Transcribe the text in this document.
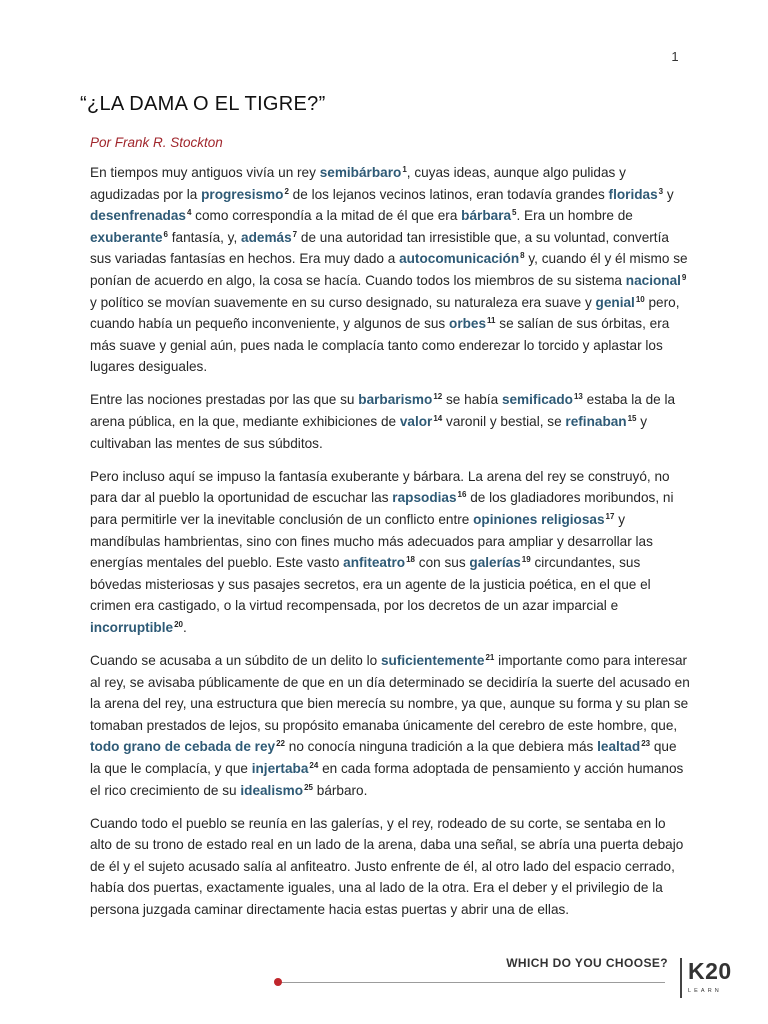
1
“¿LA DAMA O EL TIGRE?”

Por Frank R. Stockton

En tiempos muy antiguos vivía un rey semibárbaro$^1$, cuyas ideas, aunque algo pulidas y agudizadas por la progresismo$^2$ de los lejanos vecinos latinos, eran todavía grandes floridas$^3$ y desenfrenadas$^4$ como correspondía a la mitad de él que era bárbara$^5$. Era un hombre de exuberante$^6$ fantasía, y, además$^7$ de una autoridad tan irresistible que, a su voluntad, convertía sus variadas fantasías en hechos. Era muy dado a autocomunicación$^8$ y, cuando él y él mismo se ponían de acuerdo en algo, la cosa se hacía. Cuando todos los miembros de su sistema nacional$^9$ y político se movían suavemente en su curso designado, su naturaleza era suave y genial$^{10}$ pero, cuando había un pequeño inconveniente, y algunos de sus orbes$^{11}$ se salían de sus órbitas, era más suave y genial aún, pues nada le complacía tanto como enderezar lo torcido y aplastar los lugares desiguales.

Entre las nociones prestadas por las que su barbarismo$^{12}$ se había semificado$^{13}$ estaba la de la arena pública, en la que, mediante exhibiciones de valor$^{14}$ varonil y bestial, se refinaban$^{15}$ y cultivaban las mentes de sus súbditos.

Pero incluso aquí se impuso la fantasía exuberante y bárbara. La arena del rey se construyó, no para dar al pueblo la oportunidad de escuchar las rapsodias$^{16}$ de los gladiadores moribundos, ni para permitirle ver la inevitable conclusión de un conflicto entre opiniones religiosas$^{17}$ y mandíbulas hambrientas, sino con fines mucho más adecuados para ampliar y desarrollar las energías mentales del pueblo. Este vasto anfiteatro$^{18}$ con sus galerías$^{19}$ circundantes, sus bóvedas misteriosas y sus pasajes secretos, era un agente de la justicia poética, en el que el crimen era castigado, o la virtud recompensada, por los decretos de un azar imparcial e incorruptible$^{20}$.

Cuando se acusaba a un súbdito de un delito lo suficientemente$^{21}$ importante como para interesar al rey, se avisaba públicamente de que en un día determinado se decidiría la suerte del acusado en la arena del rey, una estructura que bien merecía su nombre, ya que, aunque su forma y su plan se tomaban prestados de lejos, su propósito emanaba únicamente del cerebro de este hombre, que, todo grano de cebada de rey$^{22}$ no conocía ninguna tradición a la que debiera más lealtad$^{23}$ que la que le complacía, y que injertaba$^{24}$ en cada forma adoptada de pensamiento y acción humanos el rico crecimiento de su idealismo$^{25}$ bárbaro.

Cuando todo el pueblo se reunía en las galerías, y el rey, rodeado de su corte, se sentaba en lo alto de su trono de estado real en un lado de la arena, daba una señal, se abría una puerta debajo de él y el sujeto acusado salía al anfiteatro. Justo enfrente de él, al otro lado del espacio cerrado, había dos puertas, exactamente iguales, una al lado de la otra. Era el deber y el privilegio de la persona juzgada caminar directamente hacia estas puertas y abrir una de ellas.

WHICH DO YOU CHOOSE? K20
LEARN
